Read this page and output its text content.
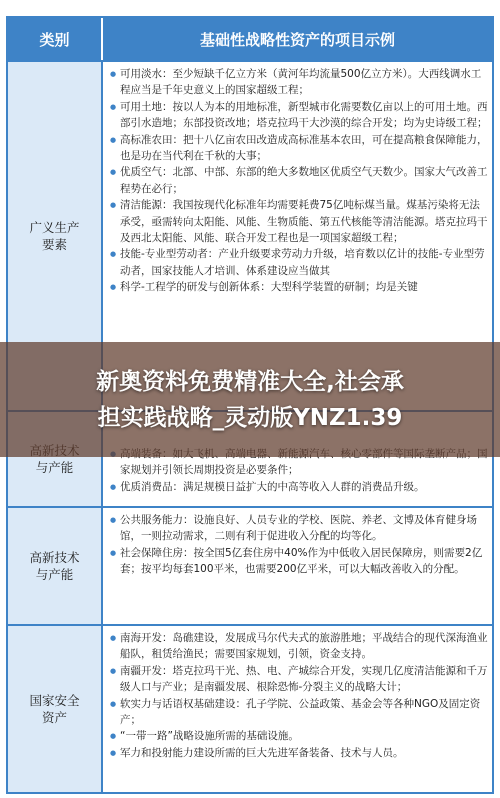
类别	基础性战略性资产的项目示例
广义生产
要素
● 可用淡水：至少短缺千亿立方米（黄河年均流量500亿立方米）。大西线调水工程应当是千年史意义上的国家超级工程；
● 可用土地：按以人为本的用地标准，新型城市化需要数亿亩以上的可用土地。西部引水造地；东部投资改地；塔克拉玛干大沙漠的综合开发；均为史诗级工程；
● 高标准农田：把十八亿亩农田改造成高标准基本农田，可在提高粮食保障能力，也是功在当代利在千秋的大事；
● 优质空气：北部、中部、东部的绝大多数地区优质空气天数少。国家大气改善工程势在必行；
● 清洁能源：我国按现代化标准年均需要耗费75亿吨标煤当量。煤基污染将无法承受，亟需转向太阳能、风能、生物质能、第五代核能等清洁能源。塔克拉玛干及西北太阳能、风能、联合开发工程也是一项国家超级工程；
● 技能-专业型劳动者：产业升级要求劳动力升级，培育数以亿计的技能-专业型劳动者，国家技能人才培训、体系建设应当做其
● 科学-工程学的研发与创新体系：大型科学装置的研制；均是关键

与产能
●	家规划并引领长周期投资是必要条件；
● 优质消费品：满足规模日益扩大的中高等收入人群的消费品升级。
高新技术
与产能
● 公共服务能力：设施良好、人员专业的学校、医院、养老、文博及体育健身场馆，一则拉动需求，二则有利于促进收入分配的均等化。
● 社会保障住房：按全国5亿套住房中40%作为中低收入居民保障房，则需要2亿套；按平均每套100平米，也需要200亿平米，可以大幅改善收入的分配。
国家安全
资产
● 南海开发：岛礁建设，发展成马尔代夫式的旅游胜地；平战结合的现代深海渔业船队，租赁给渔民；需要国家规划，引领，资金支持。
● 南疆开发：塔克拉玛干光、热、电、产城综合开发，实现几亿度清洁能源和千万级人口与产业；是南疆发展、根除恐怖-分裂主义的战略大计；
● 软实力与话语权基础建设：孔子学院、公益政策、基金会等各种NGO及固定资产；
● “一带一路”战略设施所需的基础设施。
● 军力和投射能力建设所需的巨大先进军备装备、技术与人员。
新奥资料免费精准大全,社会承
担实践战略_灵动版YNZ1.39
